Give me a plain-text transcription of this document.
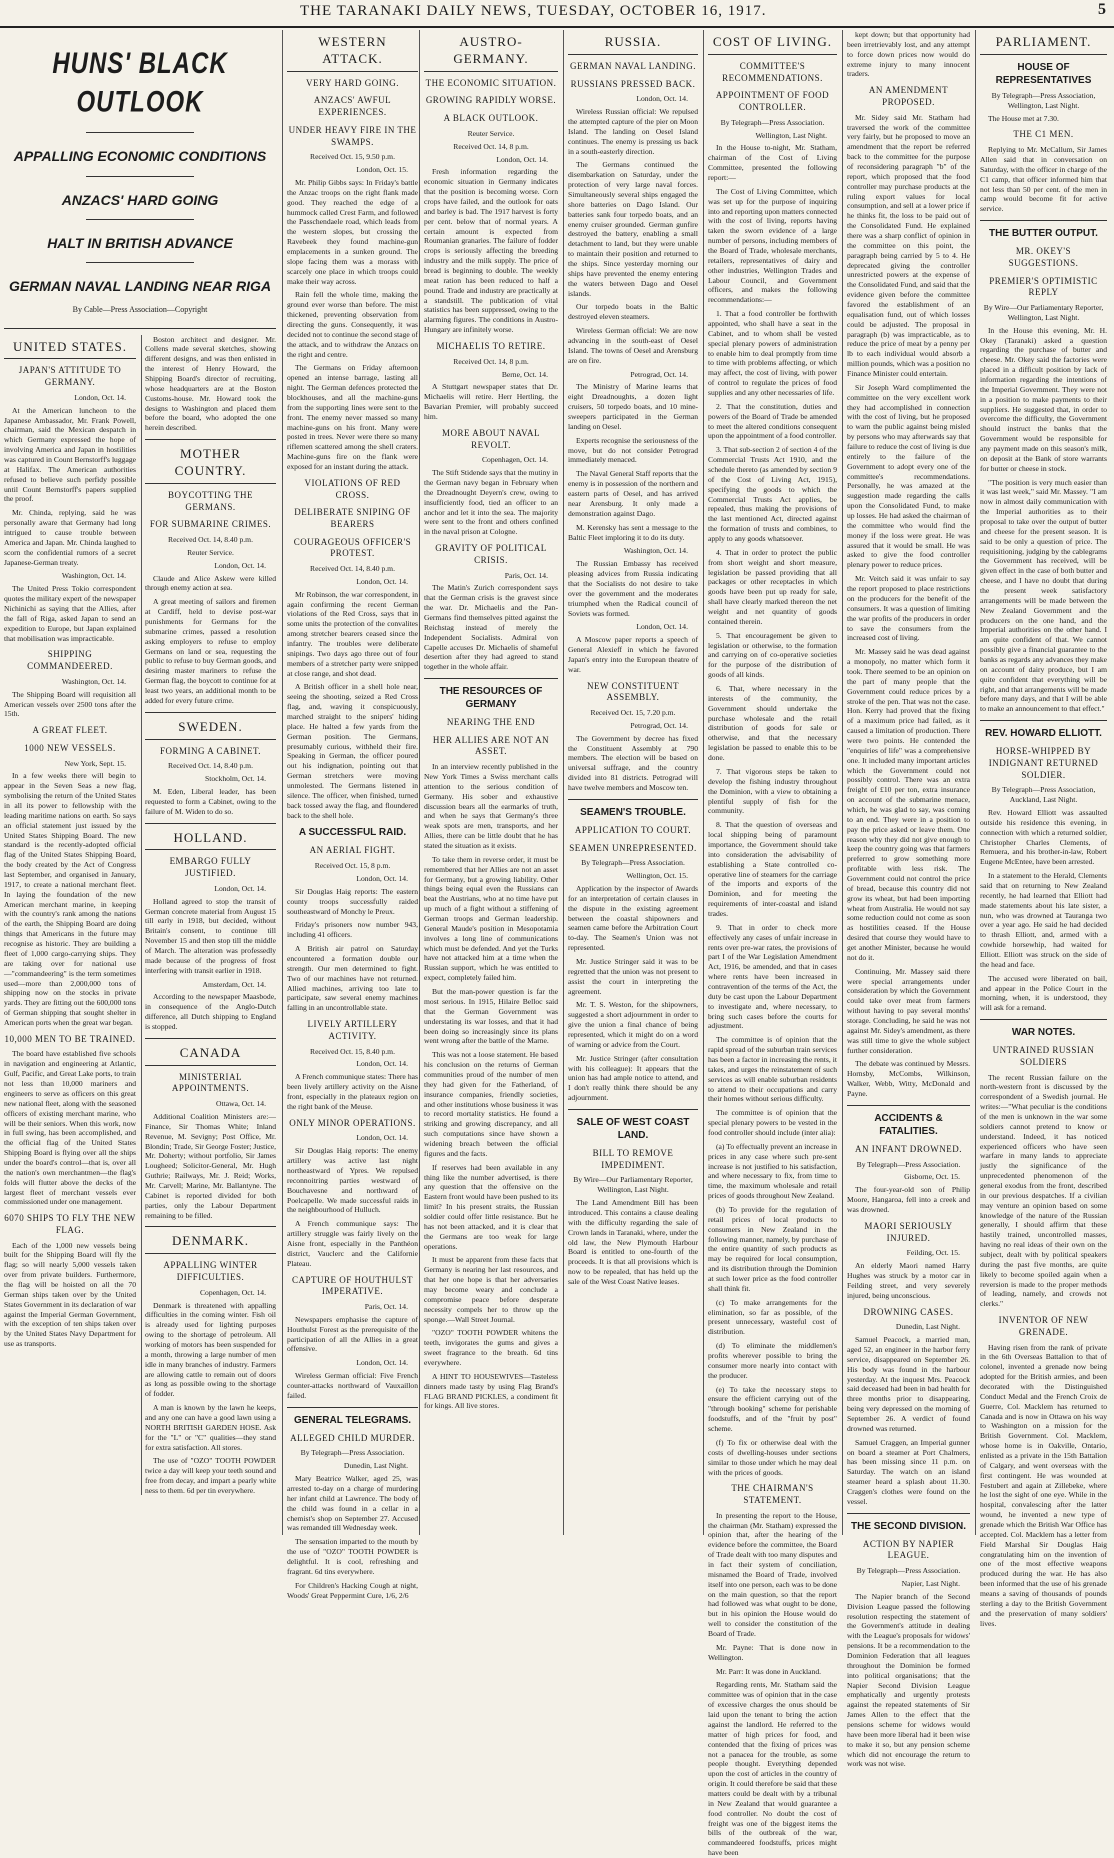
THE TARANAKI DAILY NEWS, TUESDAY, OCTOBER 16, 1917.	5
HUNS' BLACK OUTLOOK
APPALLING ECONOMIC CONDITIONS
ANZACS' HARD GOING
HALT IN BRITISH ADVANCE
GERMAN NAVAL LANDING NEAR RIGA
By Cable—Press Association—Copyright
UNITED STATES.
JAPAN'S ATTITUDE TO GERMANY.
London, Oct. 14.

At the American luncheon to the Japanese Ambassador, Mr. Frank Powell, chairman, said the Mexican despatch in which Germany expressed the hope of involving America and Japan in hostilities was captured in Count Bernstorff's luggage at Halifax. The American authorities refused to believe such perfidy possible until Count Bernstorff's papers supplied the proof.

Mr. Chinda, replying, said he was personally aware that Germany had long intrigued to cause trouble between America and Japan. Mr. Chinda laughed to scorn the confidential rumors of a secret Japanese-German treaty.

Washington, Oct. 14.

The United Press Tokio correspondent quotes the military expert of the newspaper Nichinichi as saying that the Allies, after the fall of Riga, asked Japan to send an expedition to Europe, but Japan explained that mobilisation was impracticable.

SHIPPING COMMANDEERED.
Washington, Oct. 14.

The Shipping Board will requisition all American vessels over 2500 tons after the 15th.

A GREAT FLEET.
1000 NEW VESSELS.
New York, Sept. 15.

In a few weeks there will begin to appear in the Seven Seas a new flag, symbolising the return of the United States in all its power to fellowship with the leading maritime nations on earth. So says an official statement just issued by the United States Shipping Board. The new standard is the recently-adopted official flag of the United States Shipping Board, the body created by the Act of Congress last September, and organised in January, 1917, to create a national merchant fleet. In laying the foundation of the new American merchant marine, in keeping with the country's rank among the nations of the earth, the Shipping Board are doing things that Americans in the future may recognise as historic. They are building a fleet of 1,000 cargo-carrying ships. They are taking over for national use—"commandeering" is the term sometimes used—more than 2,000,000 tons of shipping now on the stocks in private yards. They are fitting out the 600,000 tons of German shipping that sought shelter in American ports when the great war began.

10,000 MEN TO BE TRAINED.

The board have established five schools in navigation and engineering at Atlantic, Gulf, Pacific, and Great Lake ports, to train not less than 10,000 mariners and engineers to serve as officers on this great new national fleet, along with the seasoned officers of existing merchant marine, who will be their seniors. When this work, now in full swing, has been accomplished, and the official flag of the United States Shipping Board is flying over all the ships under the board's control—that is, over all the nation's own merchantmen—the flag's folds will flutter above the decks of the largest fleet of merchant vessels ever commissioned under one management.

6070 SHIPS TO FLY THE NEW FLAG.

Each of the 1,000 new vessels being built for the Shipping Board will fly the flag; so will nearly 5,000 vessels taken over from private builders. Furthermore, the flag will be hoisted on all the 70 German ships taken over by the United States Government in its declaration of war against the Imperial German Government, with the exception of ten ships taken over by the United States Navy Department for use as transports.

Boston architect and designer. Mr. Collens made several sketches, showing different designs, and was then enlisted in the interest of Henry Howard, the Shipping Board's director of recruiting, whose headquarters are at the Boston Customs-house. Mr. Howard took the designs to Washington and placed them before the board, who adopted the one herein described.

MOTHER COUNTRY.
BOYCOTTING THE GERMANS.
FOR SUBMARINE CRIMES.
Received Oct. 14, 8.40 p.m.
Reuter Service.
London, Oct. 14.

Claude and Alice Askew were killed through enemy action at sea.

A great meeting of sailors and firemen at Cardiff, held to devise post-war punishments for Germans for the submarine crimes, passed a resolution asking employers to refuse to employ Germans on land or sea, requesting the public to refuse to buy German goods, and desiring master mariners to refuse the German flag, the boycott to continue for at least two years, an additional month to be added for every future crime.

SWEDEN.
FORMING A CABINET.
Received Oct. 14, 8.40 p.m.
Stockholm, Oct. 14.

M. Eden, Liberal leader, has been requested to form a Cabinet, owing to the failure of M. Widen to do so.

HOLLAND.
EMBARGO FULLY JUSTIFIED.
London, Oct. 14.

Holland agreed to stop the transit of German concrete material from August 15 till early in 1918, but decided, without Britain's consent, to continue till November 15 and then stop till the middle of March. The alteration was professedly made because of the progress of frost interfering with transit earlier in 1918.

Amsterdam, Oct. 14.

According to the newspaper Maasbode, in consequence of the Anglo-Dutch difference, all Dutch shipping to England is stopped.

CANADA
MINISTERIAL APPOINTMENTS.
Ottawa, Oct. 14.

Additional Coalition Ministers are:—Finance, Sir Thomas White; Inland Revenue, M. Sevigny; Post Office, Mr. Blondin; Trade, Sir George Foster; Justice, Mr. Doherty; without portfolio, Sir James Lougheed; Solicitor-General, Mr. Hugh Guthrie; Railways, Mr. J. Reid; Works, Mr. Carvell; Marine, Mr. Ballantyne. The Cabinet is reported divided for both parties, only the Labour Department remaining to be filled.

DENMARK.
APPALLING WINTER DIFFICULTIES.
Copenhagen, Oct. 14.

Denmark is threatened with appalling difficulties in the coming winter. Fish oil is already used for lighting purposes owing to the shortage of petroleum. All working of motors has been suspended for a month, throwing a large number of men idle in many branches of industry. Farmers are allowing cattle to remain out of doors as long as possible owing to the shortage of fodder.

A man is known by the lawn he keeps, and any one can have a good lawn using a NORTH BRITISH GARDEN HOSE. Ask for the "L" or "C" qualities—they stand for extra satisfaction. All stores.

The use of "OZO" TOOTH POWDER twice a day will keep your teeth sound and free from decay, and impart a pearly white ness to them. 6d per tin everywhere.

WESTERN ATTACK.
VERY HARD GOING.
ANZACS' AWFUL EXPERIENCES.
UNDER HEAVY FIRE IN THE SWAMPS.
Received Oct. 15, 9.50 p.m.
London, Oct. 15.

Mr. Philip Gibbs says: In Friday's battle the Anzac troops on the right flank made good. They reached the edge of a hummock called Crest Farm, and followed the Passchendaele road, which leads from the western slopes, but crossing the Ravebeek they found machine-gun emplacements in a sunken ground. The slope facing them was a morass with scarcely one place in which troops could make their way across.

Rain fell the whole time, making the ground ever worse than before. The mist thickened, preventing observation from directing the guns. Consequently, it was decided not to continue the second stage of the attack, and to withdraw the Anzacs on the right and centre.

The Germans on Friday afternoon opened an intense barrage, lasting all night. The German defences protected the blockhouses, and all the machine-guns from the supporting lines were sent to the front. The enemy never massed so many machine-guns on his front. Many were posted in trees. Never were there so many riflemen scattered among the shell craters. Machine-guns fire on the flank were exposed for an instant during the attack.

VIOLATIONS OF RED CROSS.
DELIBERATE SNIPING OF BEARERS
COURAGEOUS OFFICER'S PROTEST.
Received Oct. 14, 8.40 p.m.
London, Oct. 14.

Mr Robinson, the war correspondent, in again confirming the recent German violations of the Red Cross, says that in some units the protection of the convalites among stretcher bearers ceased since the infantry. The troubles were deliberate snipings. Two days ago three out of four members of a stretcher party were snipped at close range, and shot dead.

A British officer in a shell hole near, seeing the shooting, seized a Red Cross flag, and, waving it conspicuously, marched straight to the snipers' hiding place. He halted a few yards from the German position. The Germans, presumably curious, withheld their fire. Speaking in German, the officer poured out his indignation, pointing out that German stretchers were moving unmolested. The Germans listened in silence. The officer, when finished, turned back tossed away the flag, and floundered back to the shell hole.

A SUCCESSFUL RAID.
AN AERIAL FIGHT.
Received Oct. 15, 8 p.m.
London, Oct. 14.

Sir Douglas Haig reports: The eastern county troops successfully raided southeastward of Monchy le Preux.

Friday's prisoners now number 943, including 41 officers.

A British air patrol on Saturday encountered a formation double our strength. Our men determined to fight. Two of our machines have not returned. Allied machines, arriving too late to participate, saw several enemy machines falling in an uncontrollable state.

LIVELY ARTILLERY ACTIVITY.
Received Oct. 15, 8.40 p.m.
London, Oct. 14.

A French communique states: There has been lively artillery activity on the Aisne front, especially in the plateaux region on the right bank of the Meuse.

ONLY MINOR OPERATIONS.
London, Oct. 14.

Sir Douglas Haig reports: The enemy artillery was active last night northeastward of Ypres. We repulsed reconnoitring parties westward of Bouchavesne and northward of Poelcapelle. We made successful raids in the neighbourhood of Hulluch.

A French communique says: The artillery struggle was fairly lively on the Aisne front, especially in the Panthéon district, Vauclerc and the Californie Plateau.

CAPTURE OF HOUTHULST IMPERATIVE.
Paris, Oct. 14.

Newspapers emphasise the capture of Houthulst Forest as the prerequisite of the participation of all the Allies in a great offensive.

London, Oct. 14.

Wireless German official: Five French counter-attacks northward of Vauxaillon failed.

GENERAL TELEGRAMS.
ALLEGED CHILD MURDER.
By Telegraph—Press Association.
Dunedin, Last Night.

Mary Beatrice Walker, aged 25, was arrested to-day on a charge of murdering her infant child at Lawrence. The body of the child was found in a cellar in a chemist's shop on September 27. Accused was remanded till Wednesday week.

The sensation imparted to the mouth by the use of "OZO" TOOTH POWDER is delightful. It is cool, refreshing and fragrant. 6d tins everywhere.

For Children's Hacking Cough at night, Woods' Great Peppermint Cure, 1/6, 2/6

AUSTRO-GERMANY.
THE ECONOMIC SITUATION.
GROWING RAPIDLY WORSE.
A BLACK OUTLOOK.
Reuter Service.
Received Oct. 14, 8 p.m.
London, Oct. 14.

Fresh information regarding the economic situation in Germany indicates that the position is becoming worse. Corn crops have failed, and the outlook for oats and barley is bad. The 1917 harvest is forty per cent. below that of normal years. A certain amount is expected from Roumanian granaries. The failure of fodder crops is seriously affecting the breeding industry and the milk supply. The price of bread is beginning to double. The weekly meat ration has been reduced to half a pound. Trade and industry are practically at a standstill. The publication of vital statistics has been suppressed, owing to the alarming figures. The conditions in Austro-Hungary are infinitely worse.

MICHAELIS TO RETIRE.
Received Oct. 14, 8 p.m.
Berne, Oct. 14.

A Stuttgart newspaper states that Dr. Michaelis will retire. Herr Hertling, the Bavarian Premier, will probably succeed him.

MORE ABOUT NAVAL REVOLT.
Copenhagen, Oct. 14.

The Stift Stidende says that the mutiny in the German navy began in February when the Dreadnought Deyern's crew, owing to insufficiently food, tied an officer to an anchor and let it into the sea. The majority were sent to the front and others confined in the naval prison at Cologne.

GRAVITY OF POLITICAL CRISIS.
Paris, Oct. 14.

The Matin's Zurich correspondent says that the German crisis is the gravest since the war. Dr. Michaelis and the Pan-Germans find themselves pitted against the Reichstag instead of merely the Independent Socialists. Admiral von Capelle accuses Dr. Michaelis of shameful desertion after they had agreed to stand together in the whole affair.

THE RESOURCES OF GERMANY
NEARING THE END
HER ALLIES ARE NOT AN ASSET.

In an interview recently published in the New York Times a Swiss merchant calls attention to the serious condition of Germany. His sober and exhaustive discussion bears all the earmarks of truth, and when he says that Germany's three weak spots are men, transports, and her Allies, there can be little doubt that he has stated the situation as it exists.

To take them in reverse order, it must be remembered that her Allies are not an asset for Germany, but a growing liability. Other things being equal even the Russians can beat the Austrians, who at no time have put up much of a fight without a stiffening of German troops and German leadership. General Maude's position in Mesopotamia involves a long line of communications which must be defended. And yet the Turks have not attacked him at a time when the Russian support, which he was entitled to expect, completely failed him.

But the man-power question is far the most serious. In 1915, Hilaire Belloc said that the German Government was understating its war losses, and that it had been doing so increasingly since its plans went wrong after the battle of the Marne.

This was not a loose statement. He based his conclusion on the returns of German communities proud of the number of men they had given for the Fatherland, of insurance companies, friendly societies, and other institutions whose business it was to record mortality statistics. He found a striking and growing discrepancy, and all such computations since have shown a widening breach between the official figures and the facts.

If reserves had been available in any thing like the number advertised, is there any question that the offensive on the Eastern front would have been pushed to its limit? In his present straits, the Russian soldier could offer little resistance. But he has not been attacked, and it is clear that the Germans are too weak for large operations.

It must be apparent from these facts that Germany is nearing her last resources, and that her one hope is that her adversaries may become weary and conclude a compromise peace before desperate necessity compels her to throw up the sponge.—Wall Street Journal.

"OZO" TOOTH POWDER whitens the teeth, invigorates the gums and gives a sweet fragrance to the breath. 6d tins everywhere.

A HINT TO HOUSEWIVES—Tasteless dinners made tasty by using Flag Brand's FLAG BRAND PICKLES, a condiment fit for kings. All live stores.

RUSSIA.
GERMAN NAVAL LANDING.
RUSSIANS PRESSED BACK.
London, Oct. 14.

Wireless Russian official: We repulsed the attempted capture of the pier on Moon Island. The landing on Oesel Island continues. The enemy is pressing us back in a south-easterly direction.

The Germans continued the disembarkation on Saturday, under the protection of very large naval forces. Simultaneously several ships engaged the shore batteries on Dago Island. Our batteries sank four torpedo boats, and an enemy cruiser grounded. German gunfire destroyed the battery, enabling a small detachment to land, but they were unable to maintain their position and returned to the ships. Since yesterday morning our ships have prevented the enemy entering the waters between Dago and Oesel islands.

Our torpedo boats in the Baltic destroyed eleven steamers.

Wireless German official: We are now advancing in the south-east of Oesel Island. The towns of Oesel and Arensburg are on fire.

Petrograd, Oct. 14.

The Ministry of Marine learns that eight Dreadnoughts, a dozen light cruisers, 50 torpedo boats, and 10 mine-sweepers participated in the German landing on Oesel.

Experts recognise the seriousness of the move, but do not consider Petrograd immediately menaced.

The Naval General Staff reports that the enemy is in possession of the northern and eastern parts of Oesel, and has arrived near Arensburg. It only made a demonstration against Dago.

M. Kerensky has sent a message to the Baltic Fleet imploring it to do its duty.

Washington, Oct. 14.

The Russian Embassy has received pleasing advices from Russia indicating that the Socialists do not desire to take over the government and the moderates triumphed when the Radical council of Soviets was formed.

London, Oct. 14.

A Moscow paper reports a speech of General Alexieff in which he favored Japan's entry into the European theatre of war.

NEW CONSTITUENT ASSEMBLY.
Received Oct. 15, 7.20 p.m.
Petrograd, Oct. 14.

The Government by decree has fixed the Constituent Assembly at 790 members. The election will be based on universal suffrage, and the country divided into 81 districts. Petrograd will have twelve members and Moscow ten.

SEAMEN'S TROUBLE.
APPLICATION TO COURT.
SEAMEN UNREPRESENTED.
By Telegraph—Press Association.
Wellington, Oct. 15.

Application by the inspector of Awards for an interpretation of certain clauses in the dispute in the existing agreement between the coastal shipowners and seamen came before the Arbitration Court to-day. The Seamen's Union was not represented.

Mr. Justice Stringer said it was to be regretted that the union was not present to assist the court in interpreting the agreement.

Mr. T. S. Weston, for the shipowners, suggested a short adjournment in order to give the union a final chance of being represented, which it might do on a word of warning or advice from the Court.

Mr. Justice Stringer (after consultation with his colleague): It appears that the union has had ample notice to attend, and I don't really think there should be any adjournment.

SALE OF WEST COAST LAND.
BILL TO REMOVE IMPEDIMENT.
By Wire—Our Parliamentary Reporter, Wellington, Last Night.

The Land Amendment Bill has been introduced. This contains a clause dealing with the difficulty regarding the sale of Crown lands in Taranaki, where, under the old law, the New Plymouth Harbour Board is entitled to one-fourth of the proceeds. It is that all provisions which is now to be repealed, that has held up the sale of the West Coast Native leases.

COST OF LIVING.
COMMITTEE'S RECOMMENDATIONS.
APPOINTMENT OF FOOD CONTROLLER.
By Telegraph—Press Association.
Wellington, Last Night.

In the House to-night, Mr. Statham, chairman of the Cost of Living Committee, presented the following report:—

The Cost of Living Committee, which was set up for the purpose of inquiring into and reporting upon matters connected with the cost of living, reports having taken the sworn evidence of a large number of persons, including members of the Board of Trade, wholesale merchants, retailers, representatives of dairy and other industries, Wellington Trades and Labour Council, and Government officers, and makes the following recommendations:—

1. That a food controller be forthwith appointed, who shall have a seat in the Cabinet, and to whom shall be vested special plenary powers of administration to enable him to deal promptly from time to time with problems affecting, or which may affect, the cost of living, with power of control to regulate the prices of food supplies and any other necessaries of life.

2. That the constitution, duties and powers of the Board of Trade be amended to meet the altered conditions consequent upon the appointment of a food controller.

3. That sub-section 2 of section 4 of the Commercial Trusts Act 1910, and the schedule thereto (as amended by section 9 of the Cost of Living Act, 1915), specifying the goods to which the Commercial Trusts Act applies, be repealed, thus making the provisions of the last mentioned Act, directed against the formation of trusts and combines, to apply to any goods whatsoever.

4. That in order to protect the public from short weight and short measure, legislation be passed providing that all packages or other receptacles in which goods have been put up ready for sale, shall have clearly marked thereon the net weight and net quantity of goods contained therein.

5. That encouragement be given to legislation or otherwise, to the formation and carrying on of co-operative societies for the purpose of the distribution of goods of all kinds.

6. That, where necessary in the interests of the community, the Government should undertake the purchase wholesale and the retail distribution of goods for sale or otherwise, and that the necessary legislation be passed to enable this to be done.

7. That vigorous steps be taken to develop the fishing industry throughout the Dominion, with a view to obtaining a plentiful supply of fish for the community.

8. That the question of overseas and local shipping being of paramount importance, the Government should take into consideration the advisability of establishing a State controlled co-operative line of steamers for the carriage of the imports and exports of the Dominion, and for meeting the requirements of inter-coastal and island trades.

9. That in order to check more effectively any cases of unfair increase in rents over pre-war rates, the provisions of part I of the War Legislation Amendment Act, 1916, be amended, and that in cases where rents have been increased in contravention of the terms of the Act, the duty be cast upon the Labour Department to investigate and, where necessary, to bring such cases before the courts for adjustment.

The committee is of opinion that the rapid spread of the suburban train services has been a factor in increasing the rents, it takes, and urges the reinstatement of such services as will enable suburban residents to attend to their occupations and carry their homes without serious difficulty.

The committee is of opinion that the special plenary powers to be vested in the food controller should include (inter alia):

(a) To effectually prevent an increase in prices in any case where such pre-sent increase is not justified to his satisfaction, and where necessary to fix, from time to time, the maximum wholesale and retail prices of goods throughout New Zealand.

(b) To provide for the regulation of retail prices of local products to consumers in New Zealand in the following manner, namely, by purchase of the entire quantity of such products as may be required for local consumption, and its distribution through the Dominion at such lower price as the food controller shall think fit.

(c) To make arrangements for the elimination, so far as possible, of the present unnecessary, wasteful cost of distribution.

(d) To eliminate the middlemen's profits wherever possible to bring the consumer more nearly into contact with the producer.

(e) To take the necessary steps to ensure the efficient carrying out of the "through booking" scheme for perishable foodstuffs, and of the "fruit by post" scheme.

(f) To fix or otherwise deal with the costs of dwelling-houses under sections similar to those under which he may deal with the prices of goods.

THE CHAIRMAN'S STATEMENT.

In presenting the report to the House, the chairman (Mr. Statham) expressed the opinion that, after the hearing of the evidence before the committee, the Board of Trade dealt with too many disputes and in fact their system of conciliation, misnamed the Board of Trade, involved itself into one person, each was to be done on the main question, so that the report had followed was what ought to be done, but in his opinion the House would do well to consider the constitution of the Board of Trade.

Mr. Payne: That is done now in Wellington.

Mr. Parr: It was done in Auckland.

Regarding rents, Mr. Statham said the committee was of opinion that in the case of excessive charges the onus should be laid upon the tenant to bring the action against the landlord. He referred to the matter of high prices for food, and contended that the fixing of prices was not a panacea for the trouble, as some people thought. Everything depended upon the cost of articles in the country of origin. It could therefore be said that these matters could be dealt with by a tribunal in New Zealand that would guarantee a food controller. No doubt the cost of freight was one of the biggest items the bills of the outbreak of the war, commandeered foodstuffs, prices might have been

kept down; but that opportunity had been irretrievably lost, and any attempt to force down prices now would do extreme injury to many innocent traders.

AN AMENDMENT PROPOSED.

Mr. Sidey said Mr. Statham had traversed the work of the committee very fairly, but he proposed to move an amendment that the report be referred back to the committee for the purpose of reconsidering paragraph "b" of the report, which proposed that the food controller may purchase products at the ruling export values for local consumption, and sell at a lower price if he thinks fit, the loss to be paid out of the Consolidated Fund. He explained there was a sharp conflict of opinion in the committee on this point, the paragraph being carried by 5 to 4. He deprecated giving the controller unrestricted powers at the expense of the Consolidated Fund, and said that the evidence given before the committee favored the establishment of an equalisation fund, out of which losses could be adjusted. The proposal in paragraph (b) was impracticable, as to reduce the price of meat by a penny per lb to each individual would absorb a million pounds, which was a position no Finance Minister could entertain.

Sir Joseph Ward complimented the committee on the very excellent work they had accomplished in connection with the cost of living, but he proposed to warn the public against being misled by persons who may afterwards say that failure to reduce the cost of living is due entirely to the failure of the Government to adopt every one of the committee's recommendations. Personally, he was amazed at the suggestion made regarding the calls upon the Consolidated Fund, to make up losses. He had asked the chairman of the committee who would find the money if the loss were great. He was assured that it would be small. He was asked to give the food controller plenary power to reduce prices.

Mr. Veitch said it was unfair to say the report proposed to place restrictions on the producers for the benefit of the consumers. It was a question of limiting the war profits of the producers in order to save the consumers from the increased cost of living.

Mr. Massey said he was dead against a monopoly, no matter which form it took. There seemed to be an opinion on the part of many people that the Government could reduce prices by a stroke of the pen. That was not the case. Hon. Kerry had proved that the fixing of a maximum price had failed, as it caused a limitation of production. There were two points. He contended the "enquiries of life" was a comprehensive one. It included many important articles which the Government could not possibly control. There was an extra freight of £10 per ton, extra insurance on account of the submarine menace, which, he was glad to say, was coming to an end. They were in a position to pay the price asked or leave them. One reason why they did not give enough to keep the country going was that farmers preferred to grow something more profitable with less risk. The Government could not control the price of bread, because this country did not grow its wheat, but had been importing wheat from Australia. He would not say some reduction could not come as soon as hostilities ceased. If the House desired that course they would have to get another Minister, because he would not do it.

Continuing, Mr. Massey said there were special arrangements under consideration by which the Government could take over meat from farmers without having to pay several months' storage. Concluding, he said he was not against Mr. Sidey's amendment, as there was still time to give the whole subject further consideration.

The debate was continued by Messrs. Hornsby, McCombs, Wilkinson, Walker, Webb, Witty, McDonald and Payne.

ACCIDENTS & FATALITIES.
AN INFANT DROWNED.
By Telegraph—Press Association.
Gisborne, Oct. 15.

The four-year-old son of Philip Moore, Hangaroa, fell into a creek and was drowned.

MAORI SERIOUSLY INJURED.
Feilding, Oct. 15.

An elderly Maori named Harry Hughes was struck by a motor car in Feilding street, and very severely injured, being unconscious.

DROWNING CASES.
Dunedin, Last Night.

Samuel Peacock, a married man, aged 52, an engineer in the harbor ferry service, disappeared on September 26. His body was found in the harbour yesterday. At the inquest Mrs. Peacock said deceased had been in bad health for three months prior to disappearing, being very depressed on the morning of September 26. A verdict of found drowned was returned.

Samuel Craggen, an Imperial gunner on board a steamer at Port Chalmers, has been missing since 11 p.m. on Saturday. The watch on an island steamer heard a splash about 11.30. Craggen's clothes were found on the vessel.

THE SECOND DIVISION.
ACTION BY NAPIER LEAGUE.
By Telegraph—Press Association.
Napier, Last Night.

The Napier branch of the Second Division League passed the following resolution respecting the statement of the Government's attitude in dealing with the League's proposals for widows' pensions. It be a recommendation to the Dominion Federation that all leagues throughout the Dominion be formed into political organisations; that the Napier Second Division League emphatically and urgently protests against the repeated statements of Sir James Allen to the effect that the pensions scheme for widows would have been more liberal had it been wise to make it so, but any pension scheme which did not encourage the return to work was not wise.

PARLIAMENT.
HOUSE OF REPRESENTATIVES
By Telegraph—Press Association, Wellington, Last Night.

The House met at 7.30.

THE C1 MEN.

Replying to Mr. McCallum, Sir James Allen said that in conversation on Saturday, with the officer in charge of the C1 camp, that officer informed him that not less than 50 per cent. of the men in camp would become fit for active service.

THE BUTTER OUTPUT.
MR. OKEY'S SUGGESTIONS.
PREMIER'S OPTIMISTIC REPLY
By Wire—Our Parliamentary Reporter, Wellington, Last Night.

In the House this evening, Mr. H. Okey (Taranaki) asked a question regarding the purchase of butter and cheese. Mr. Okey said the factories were placed in a difficult position by lack of information regarding the intentions of the Imperial Government. They were not in a position to make payments to their suppliers. He suggested that, in order to overcome the difficulty, the Government should instruct the banks that the Government would be responsible for any payment made on this season's milk, on deposit at the Bank of store warrants for butter or cheese in stock.

"The position is very much easier than it was last week," said Mr. Massey. "I am now in almost daily communication with the Imperial authorities as to their proposal to take over the output of butter and cheese for the present season. It is said to be only a question of price. The requisitioning, judging by the cablegrams the Government has received, will be given effect in the case of both butter and cheese, and I have no doubt that during the present week satisfactory arrangements will be made between the New Zealand Government and the producers on the one hand, and the Imperial authorities on the other hand. I am quite confident of that. We cannot possibly give a financial guarantee to the banks as regards any advances they make on account of dairy produce, but I am quite confident that everything will be right, and that arrangements will be made before many days, and that I will be able to make an announcement to that effect."

REV. HOWARD ELLIOTT.
HORSE-WHIPPED BY INDIGNANT RETURNED SOLDIER.
By Telegraph—Press Association, Auckland, Last Night.

Rev. Howard Elliott was assaulted outside his residence this evening, in connection with which a returned soldier, Christopher Charles Clements, of Remuera, and his brother-in-law, Robert Eugene McEntee, have been arrested.

In a statement to the Herald, Clements said that on returning to New Zealand recently, he had learned that Elliott had made statements about his late sister, a nun, who was drowned at Tauranga two over a year ago. He said he had decided to thrash Elliott, and, armed with a cowhide horsewhip, had waited for Elliott. Elliott was struck on the side of the head and face.

The accused were liberated on bail, and appear in the Police Court in the morning, when, it is understood, they will ask for a remand.

WAR NOTES.
UNTRAINED RUSSIAN SOLDIERS

The recent Russian failure on the north-western front is discussed by the correspondent of a Swedish journal. He writes:—"What peculiar is the conditions of the men is unknown in the war some soldiers cannot pretend to know or understand. Indeed, it has noticed experienced officers who have seen warfare in many lands to appreciate justly the significance of the unprecedented phenomenon of the general exodus from the front, described in our previous despatches. If a civilian may venture an opinion based on some knowledge of the nature of the Russian generally, I should affirm that these hastily trained, uncontrolled masses, having no real ideas of their own on the subject, dealt with by political speakers during the past five months, are quite likely to become spoiled again when a reversion is made to the proper methods of leading, namely, and crowds not clerks."

INVENTOR OF NEW GRENADE.

Having risen from the rank of private in the 6th Overseas Battalion to that of colonel, invented a grenade now being adopted for the British armies, and been decorated with the Distinguished Conduct Medal and the French Croix de Guerre, Col. Macklem has returned to Canada and is now in Ottawa on his way to Washington on a mission for the British Government. Col. Macklem, whose home is in Oakville, Ontario, enlisted as a private in the 15th Battalion of Calgary, and went overseas with the first contingent. He was wounded at Festubert and again at Zillebeke, where he lost the sight of one eye. While in the hospital, convalescing after the latter wound, he invented a new type of grenade which the British War Office has accepted. Col. Macklem has a letter from Field Marshal Sir Douglas Haig congratulating him on the invention of one of the most effective weapons produced during the war. He has also been informed that the use of his grenade means a saving of thousands of pounds sterling a day to the British Government and the preservation of many soldiers' lives.
